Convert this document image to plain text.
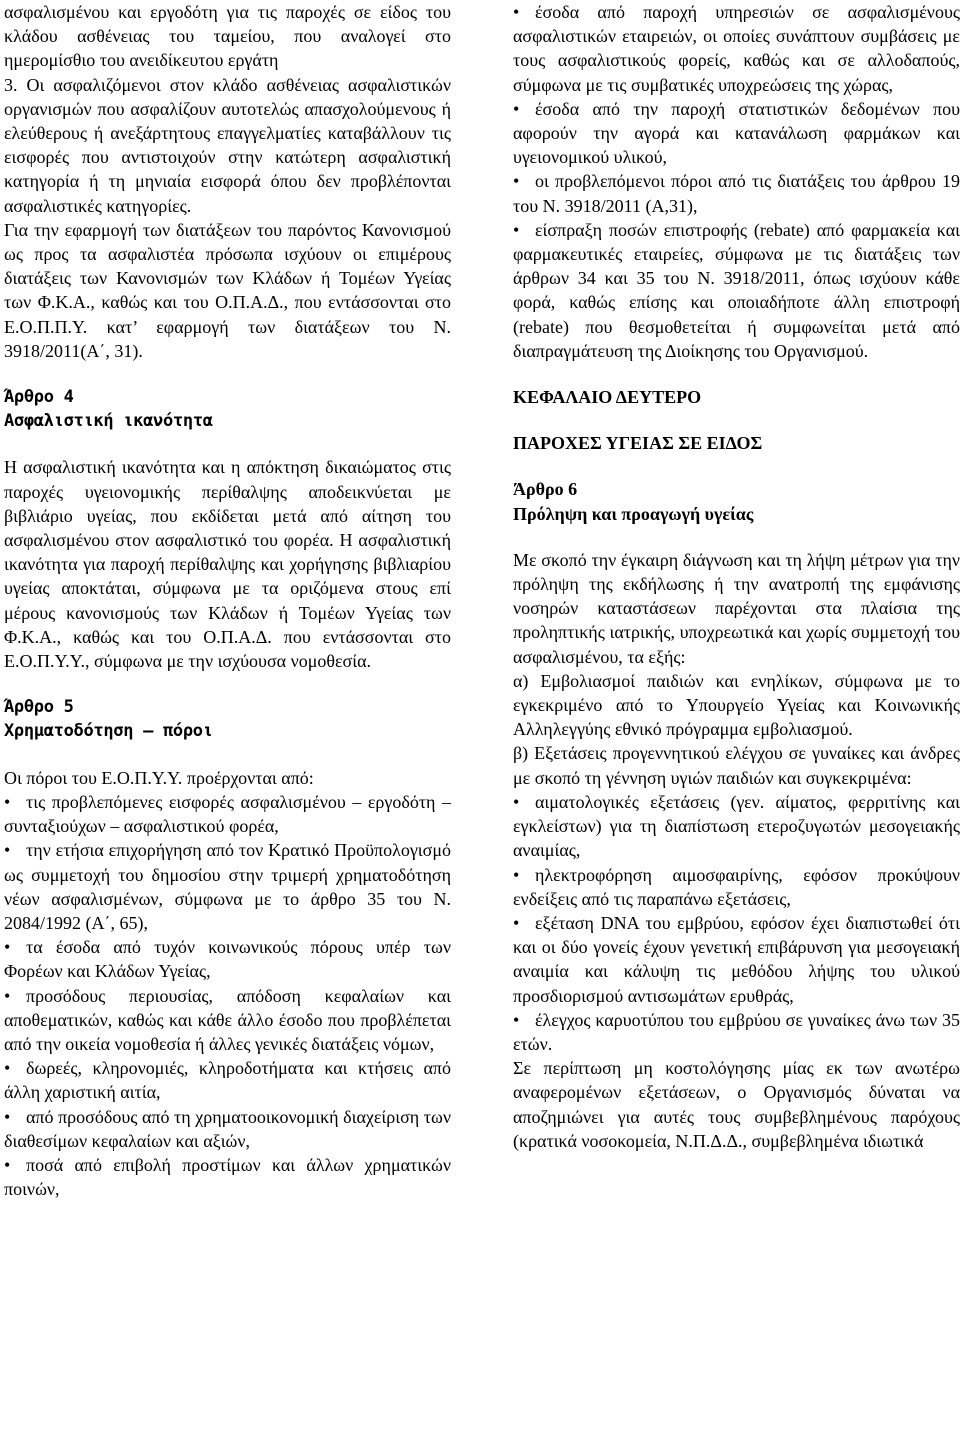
ασφαλισμένου και εργοδότη για τις παροχές σε είδος του κλάδου ασθένειας του ταμείου, που αναλογεί στο ημερομίσθιο του ανειδίκευτου εργάτη

3. Οι ασφαλιζόμενοι στον κλάδο ασθένειας ασφαλιστικών οργανισμών που ασφαλίζουν αυτοτελώς απασχολούμενους ή ελεύθερους ή ανεξάρτητους επαγγελματίες καταβάλλουν τις εισφορές που αντιστοιχούν στην κατώτερη ασφαλιστική κατηγορία ή τη μηνιαία εισφορά όπου δεν προβλέπονται ασφαλιστικές κατηγορίες.

Για την εφαρμογή των διατάξεων του παρόντος Κανονισμού ως προς τα ασφαλιστέα πρόσωπα ισχύουν οι επιμέρους διατάξεις των Κανονισμών των Κλάδων ή Τομέων Υγείας των Φ.Κ.Α., καθώς και του Ο.Π.Α.Δ., που εντάσσονται στο Ε.Ο.Π.Π.Υ. κατ’ εφαρμογή των διατάξεων του Ν. 3918/2011(Α΄, 31).

Άρθρο 4

Ασφαλιστική ικανότητα

Η ασφαλιστική ικανότητα και η απόκτηση δικαιώματος στις παροχές υγειονομικής περίθαλψης αποδεικνύεται με βιβλιάριο υγείας, που εκδίδεται μετά από αίτηση του ασφαλισμένου στον ασφαλιστικό του φορέα. Η ασφαλιστική ικανότητα για παροχή περίθαλψης και χορήγησης βιβλιαρίου υγείας αποκτάται, σύμφωνα με τα οριζόμενα στους επί μέρους κανονισμούς των Κλάδων ή Τομέων Υγείας των Φ.Κ.Α., καθώς και του Ο.Π.Α.Δ. που εντάσσονται στο Ε.Ο.Π.Υ.Υ., σύμφωνα με την ισχύουσα νομοθεσία.

Άρθρο 5

Χρηματοδότηση – πόροι

Οι πόροι του Ε.Ο.Π.Υ.Υ. προέρχονται από:

• τις προβλεπόμενες εισφορές ασφαλισμένου – εργοδότη – συνταξιούχων – ασφαλιστικού φορέα,

• την ετήσια επιχορήγηση από τον Κρατικό Προϋπολογισμό ως συμμετοχή του δημοσίου στην τριμερή χρηματοδότηση νέων ασφαλισμένων, σύμφωνα με το άρθρο 35 του Ν. 2084/1992 (Α΄, 65),

• τα έσοδα από τυχόν κοινωνικούς πόρους υπέρ των Φορέων και Κλάδων Υγείας,

• προσόδους περιουσίας, απόδοση κεφαλαίων και αποθεματικών, καθώς και κάθε άλλο έσοδο που προβλέπεται από την οικεία νομοθεσία ή άλλες γενικές διατάξεις νόμων,

• δωρεές, κληρονομιές, κληροδοτήματα και κτήσεις από άλλη χαριστική αιτία,

• από προσόδους από τη χρηματοοικονομική διαχείριση των διαθεσίμων κεφαλαίων και αξιών,

• ποσά από επιβολή προστίμων και άλλων χρηματικών ποινών,

• έσοδα από παροχή υπηρεσιών σε ασφαλισμένους ασφαλιστικών εταιρειών, οι οποίες συνάπτουν συμβάσεις με τους ασφαλιστικούς φορείς, καθώς και σε αλλοδαπούς, σύμφωνα με τις συμβατικές υποχρεώσεις της χώρας,

• έσοδα από την παροχή στατιστικών δεδομένων που αφορούν την αγορά και κατανάλωση φαρμάκων και υγειονομικού υλικού,

• οι προβλεπόμενοι πόροι από τις διατάξεις του άρθρου 19 του Ν. 3918/2011 (Α,31),

• είσπραξη ποσών επιστροφής (rebate) από φαρμακεία και φαρμακευτικές εταιρείες, σύμφωνα με τις διατάξεις των άρθρων 34 και 35 του Ν. 3918/2011, όπως ισχύουν κάθε φορά, καθώς επίσης και οποιαδήποτε άλλη επιστροφή (rebate) που θεσμοθετείται ή συμφωνείται μετά από διαπραγμάτευση της Διοίκησης του Οργανισμού.

ΚΕΦΑΛΑΙΟ ΔΕΥΤΕΡΟ

ΠΑΡΟΧΕΣ ΥΓΕΙΑΣ ΣΕ ΕΙΔΟΣ

Άρθρο 6

Πρόληψη και προαγωγή υγείας

Με σκοπό την έγκαιρη διάγνωση και τη λήψη μέτρων για την πρόληψη της εκδήλωσης ή την ανατροπή της εμφάνισης νοσηρών καταστάσεων παρέχονται στα πλαίσια της προληπτικής ιατρικής, υποχρεωτικά και χωρίς συμμετοχή του ασφαλισμένου, τα εξής:

α) Εμβολιασμοί παιδιών και ενηλίκων, σύμφωνα με το εγκεκριμένο από το Υπουργείο Υγείας και Κοινωνικής Αλληλεγγύης εθνικό πρόγραμμα εμβολιασμού.

β) Εξετάσεις προγεννητικού ελέγχου σε γυναίκες και άνδρες με σκοπό τη γέννηση υγιών παιδιών και συγκεκριμένα:

• αιματολογικές εξετάσεις (γεν. αίματος, φερριτίνης και εγκλείστων) για τη διαπίστωση ετεροζυγωτών μεσογειακής αναιμίας,

• ηλεκτροφόρηση αιμοσφαιρίνης, εφόσον προκύψουν ενδείξεις από τις παραπάνω εξετάσεις,

• εξέταση DNA του εμβρύου, εφόσον έχει διαπιστωθεί ότι και οι δύο γονείς έχουν γενετική επιβάρυνση για μεσογειακή αναιμία και κάλυψη τις μεθόδου λήψης του υλικού προσδιορισμού αντισωμάτων ερυθράς,

• έλεγχος καρυοτύπου του εμβρύου σε γυναίκες άνω των 35 ετών.

Σε περίπτωση μη κοστολόγησης μίας εκ των ανωτέρω αναφερομένων εξετάσεων, ο Οργανισμός δύναται να αποζημιώνει για αυτές τους συμβεβλημένους παρόχους (κρατικά νοσοκομεία, Ν.Π.Δ.Δ., συμβεβλημένα ιδιωτικά
